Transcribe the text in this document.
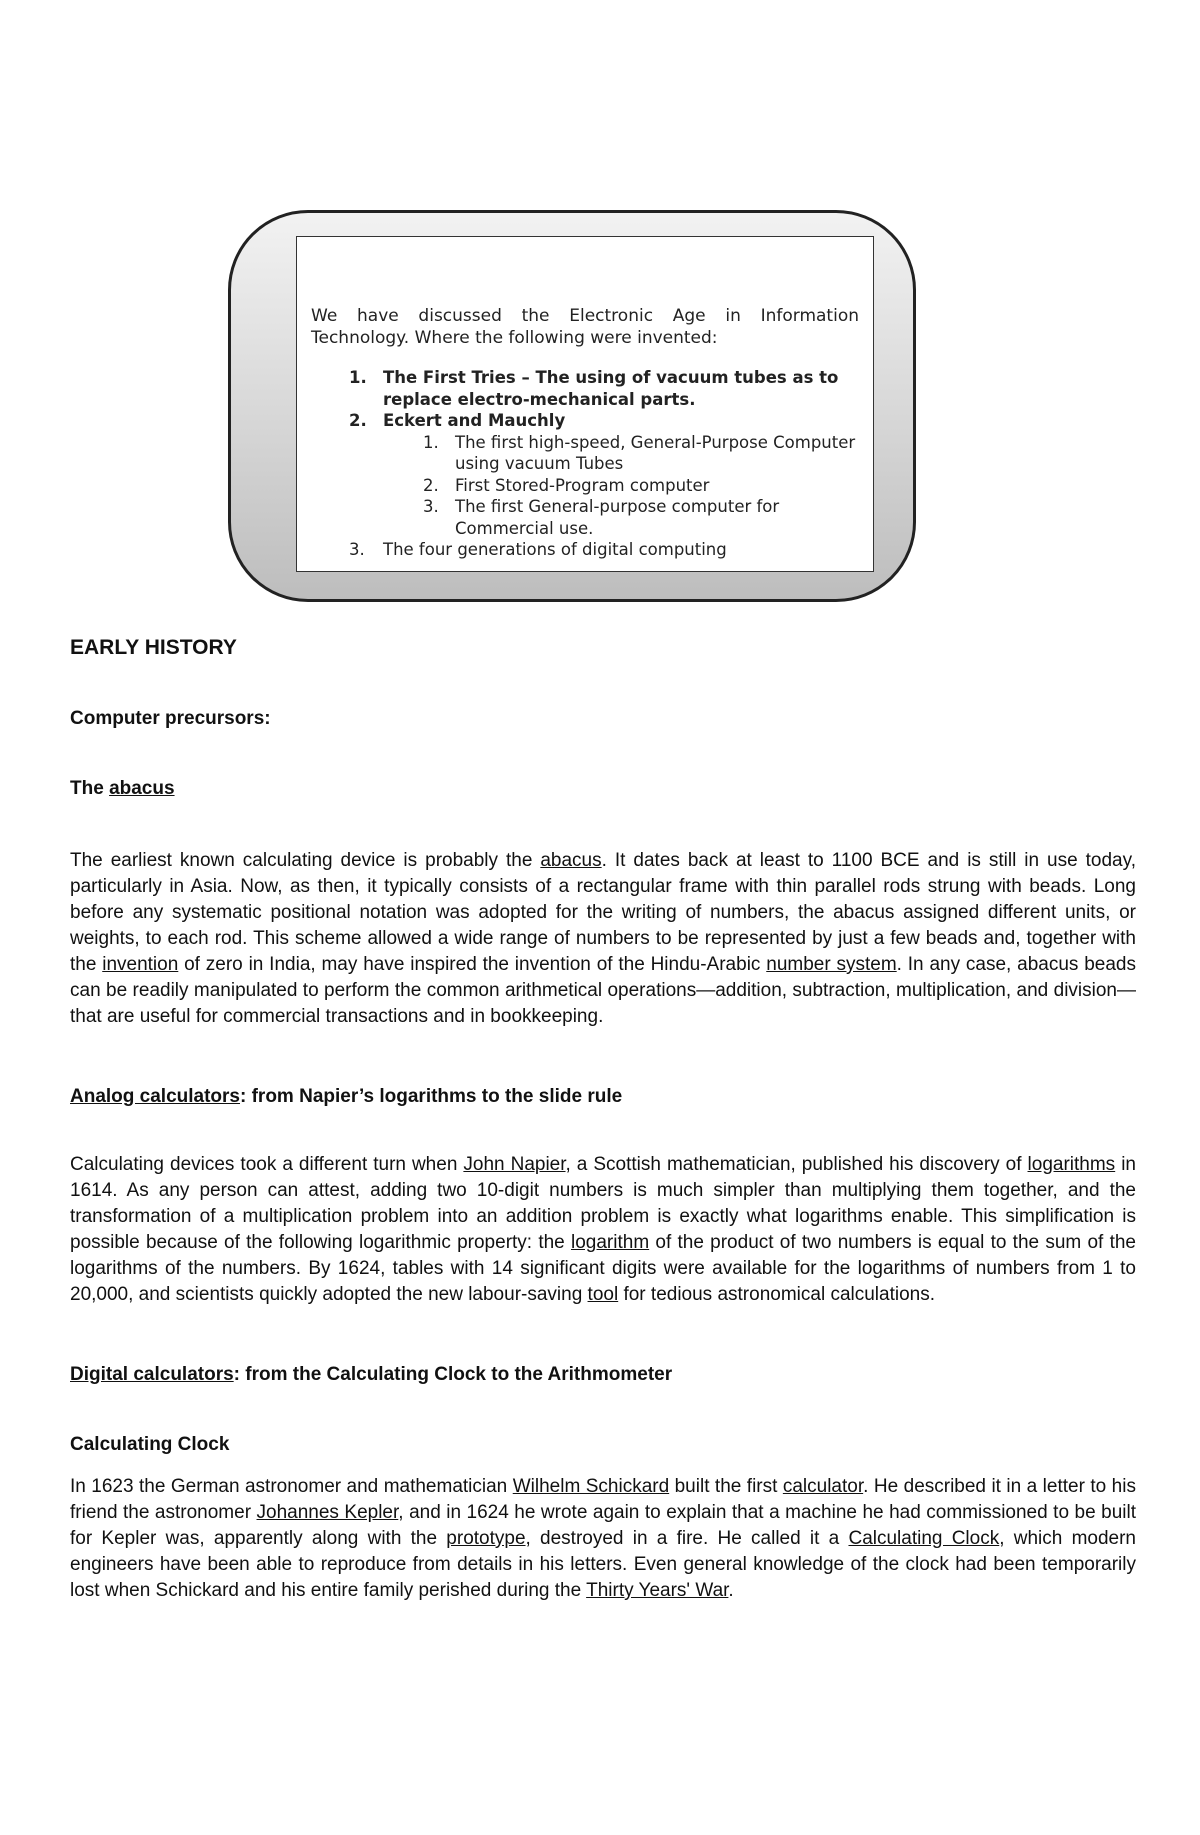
We have discussed the Electronic Age in Information Technology. Where the following were invented:

1. The First Tries – The using of vacuum tubes as to replace electro-mechanical parts.
2. Eckert and Mauchly
1. The first high-speed, General-Purpose Computer using vacuum Tubes
2. First Stored-Program computer
3. The first General-purpose computer for Commercial use.
3. The four generations of digital computing
EARLY HISTORY
Computer precursors:
The abacus

The earliest known calculating device is probably the abacus. It dates back at least to 1100 BCE and is still in use today, particularly in Asia. Now, as then, it typically consists of a rectangular frame with thin parallel rods strung with beads. Long before any systematic positional notation was adopted for the writing of numbers, the abacus assigned different units, or weights, to each rod. This scheme allowed a wide range of numbers to be represented by just a few beads and, together with the invention of zero in India, may have inspired the invention of the Hindu-Arabic number system. In any case, abacus beads can be readily manipulated to perform the common arithmetical operations—addition, subtraction, multiplication, and division—that are useful for commercial transactions and in bookkeeping.

Analog calculators: from Napier’s logarithms to the slide rule

Calculating devices took a different turn when John Napier, a Scottish mathematician, published his discovery of logarithms in 1614. As any person can attest, adding two 10-digit numbers is much simpler than multiplying them together, and the transformation of a multiplication problem into an addition problem is exactly what logarithms enable. This simplification is possible because of the following logarithmic property: the logarithm of the product of two numbers is equal to the sum of the logarithms of the numbers. By 1624, tables with 14 significant digits were available for the logarithms of numbers from 1 to 20,000, and scientists quickly adopted the new labour-saving tool for tedious astronomical calculations.

Digital calculators: from the Calculating Clock to the Arithmometer
Calculating Clock

In 1623 the German astronomer and mathematician Wilhelm Schickard built the first calculator. He described it in a letter to his friend the astronomer Johannes Kepler, and in 1624 he wrote again to explain that a machine he had commissioned to be built for Kepler was, apparently along with the prototype, destroyed in a fire. He called it a Calculating Clock, which modern engineers have been able to reproduce from details in his letters. Even general knowledge of the clock had been temporarily lost when Schickard and his entire family perished during the Thirty Years' War.
